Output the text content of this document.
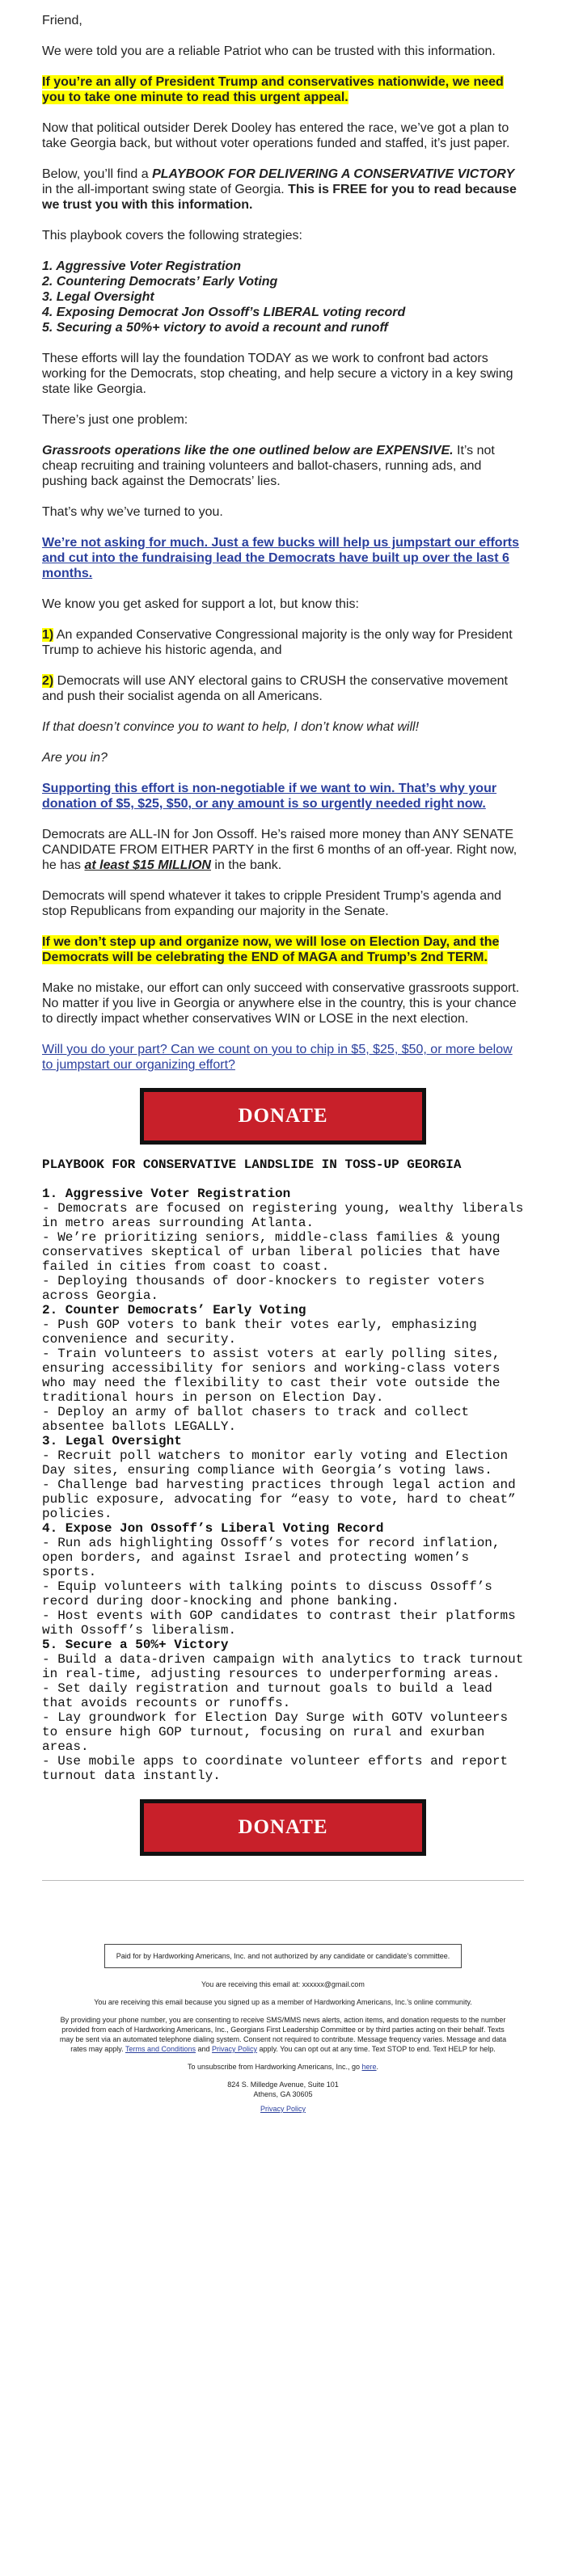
Friend,

We were told you are a reliable Patriot who can be trusted with this information.

If you’re an ally of President Trump and conservatives nationwide, we need you to take one minute to read this urgent appeal.

Now that political outsider Derek Dooley has entered the race, we’ve got a plan to take Georgia back, but without voter operations funded and staffed, it’s just paper.

Below, you’ll find a PLAYBOOK FOR DELIVERING A CONSERVATIVE VICTORY in the all-important swing state of Georgia. This is FREE for you to read because we trust you with this information.

This playbook covers the following strategies:

1. Aggressive Voter Registration
2. Countering Democrats’ Early Voting
3. Legal Oversight
4. Exposing Democrat Jon Ossoff’s LIBERAL voting record
5. Securing a 50%+ victory to avoid a recount and runoff

These efforts will lay the foundation TODAY as we work to confront bad actors working for the Democrats, stop cheating, and help secure a victory in a key swing state like Georgia.

There’s just one problem:

Grassroots operations like the one outlined below are EXPENSIVE. It’s not cheap recruiting and training volunteers and ballot-chasers, running ads, and pushing back against the Democrats’ lies.

That’s why we’ve turned to you.

We’re not asking for much. Just a few bucks will help us jumpstart our efforts and cut into the fundraising lead the Democrats have built up over the last 6 months.

We know you get asked for support a lot, but know this:

1) An expanded Conservative Congressional majority is the only way for President Trump to achieve his historic agenda, and

2) Democrats will use ANY electoral gains to CRUSH the conservative movement and push their socialist agenda on all Americans.

If that doesn’t convince you to want to help, I don’t know what will!

Are you in?

Supporting this effort is non-negotiable if we want to win. That’s why your donation of $5, $25, $50, or any amount is so urgently needed right now.

Democrats are ALL-IN for Jon Ossoff. He’s raised more money than ANY SENATE CANDIDATE FROM EITHER PARTY in the first 6 months of an off-year. Right now, he has at least $15 MILLION in the bank.

Democrats will spend whatever it takes to cripple President Trump’s agenda and stop Republicans from expanding our majority in the Senate.

If we don’t step up and organize now, we will lose on Election Day, and the Democrats will be celebrating the END of MAGA and Trump’s 2nd TERM.

Make no mistake, our effort can only succeed with conservative grassroots support. No matter if you live in Georgia or anywhere else in the country, this is your chance to directly impact whether conservatives WIN or LOSE in the next election.

Will you do your part? Can we count on you to chip in $5, $25, $50, or more below to jumpstart our organizing effort?

DONATE
PLAYBOOK FOR CONSERVATIVE LANDSLIDE IN TOSS-UP GEORGIA
1. Aggressive Voter Registration
- Democrats are focused on registering young, wealthy liberals in metro areas surrounding Atlanta.
- We’re prioritizing seniors, middle-class families & young conservatives skeptical of urban liberal policies that have failed in cities from coast to coast.
- Deploying thousands of door-knockers to register voters across Georgia.
2. Counter Democrats’ Early Voting
- Push GOP voters to bank their votes early, emphasizing convenience and security.
- Train volunteers to assist voters at early polling sites, ensuring accessibility for seniors and working-class voters who may need the flexibility to cast their vote outside the traditional hours in person on Election Day.
- Deploy an army of ballot chasers to track and collect absentee ballots LEGALLY.
3. Legal Oversight
- Recruit poll watchers to monitor early voting and Election Day sites, ensuring compliance with Georgia’s voting laws.
- Challenge bad harvesting practices through legal action and public exposure, advocating for “easy to vote, hard to cheat” policies.
4. Expose Jon Ossoff’s Liberal Voting Record
- Run ads highlighting Ossoff’s votes for record inflation, open borders, and against Israel and protecting women’s sports.
- Equip volunteers with talking points to discuss Ossoff’s record during door-knocking and phone banking.
- Host events with GOP candidates to contrast their platforms with Ossoff’s liberalism.
5. Secure a 50%+ Victory
- Build a data-driven campaign with analytics to track turnout in real-time, adjusting resources to underperforming areas.
- Set daily registration and turnout goals to build a lead that avoids recounts or runoffs.
- Lay groundwork for Election Day Surge with GOTV volunteers to ensure high GOP turnout, focusing on rural and exurban areas.
- Use mobile apps to coordinate volunteer efforts and report turnout data instantly.
DONATE
Paid for by Hardworking Americans, Inc. and not authorized by any candidate or candidate’s committee.

You are receiving this email at: xxxxxx@gmail.com

You are receiving this email because you signed up as a member of Hardworking Americans, Inc.’s online community.

By providing your phone number, you are consenting to receive SMS/MMS news alerts, action items, and donation requests to the number provided from each of Hardworking Americans, Inc., Georgians First Leadership Committee or by third parties acting on their behalf. Texts may be sent via an automated telephone dialing system. Consent not required to contribute. Message frequency varies. Message and data rates may apply. Terms and Conditions and Privacy Policy apply. You can opt out at any time. Text STOP to end. Text HELP for help.

To unsubscribe from Hardworking Americans, Inc., go here.

824 S. Milledge Avenue, Suite 101
Athens, GA 30605

Privacy Policy
